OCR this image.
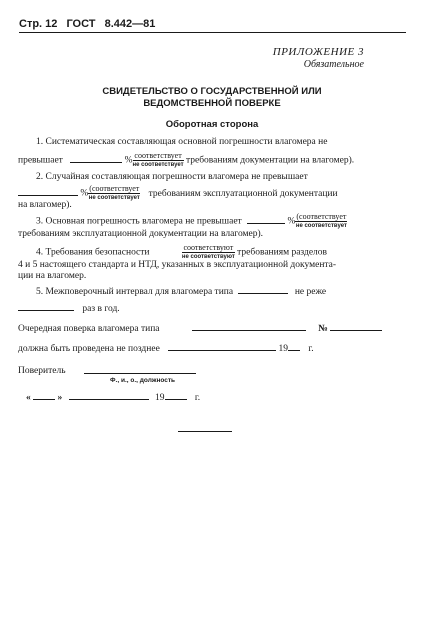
Стр. 12 ГОСТ 8.442—81
ПРИЛОЖЕНИЕ 3
Обязательное
СВИДЕТЕЛЬСТВО О ГОСУДАРСТВЕННОЙ ИЛИ
ВЕДОМСТВЕННОЙ ПОВЕРКЕ
Оборотная сторона
1. Систематическая составляющая основной погрешности влагомера не
превышает	% $\frac{\text{соответствует}}{\text{не соответствует}}$ требованиям документации на влагомер).
2. Случайная составляющая погрешности влагомера не превышает
% $\frac{\text{(соответствует}}{\text{не соответствует}}$ требованиям эксплуатационной документации
на влагомер).
3. Основная погрешность влагомера не превышает	% $\frac{\text{(соответствует}}{\text{не соответствует}}$
требованиям эксплуатационной документации на влагомер).
4. Требования безопасности	$\frac{\text{соответствуют}}{\text{не соответствуют}}$ требованиям разделов
4 и 5 настоящего стандарта и НТД, указанных в эксплуатационной документа-
ции на влагомер.
5. Межповерочный интервал для влагомера типа	не реже
раз в год.
Очередная поверка влагомера типа	№
должна быть проведена не позднее	19 г.
Поверитель
Ф., и., о., должность
«	»	19	г.
